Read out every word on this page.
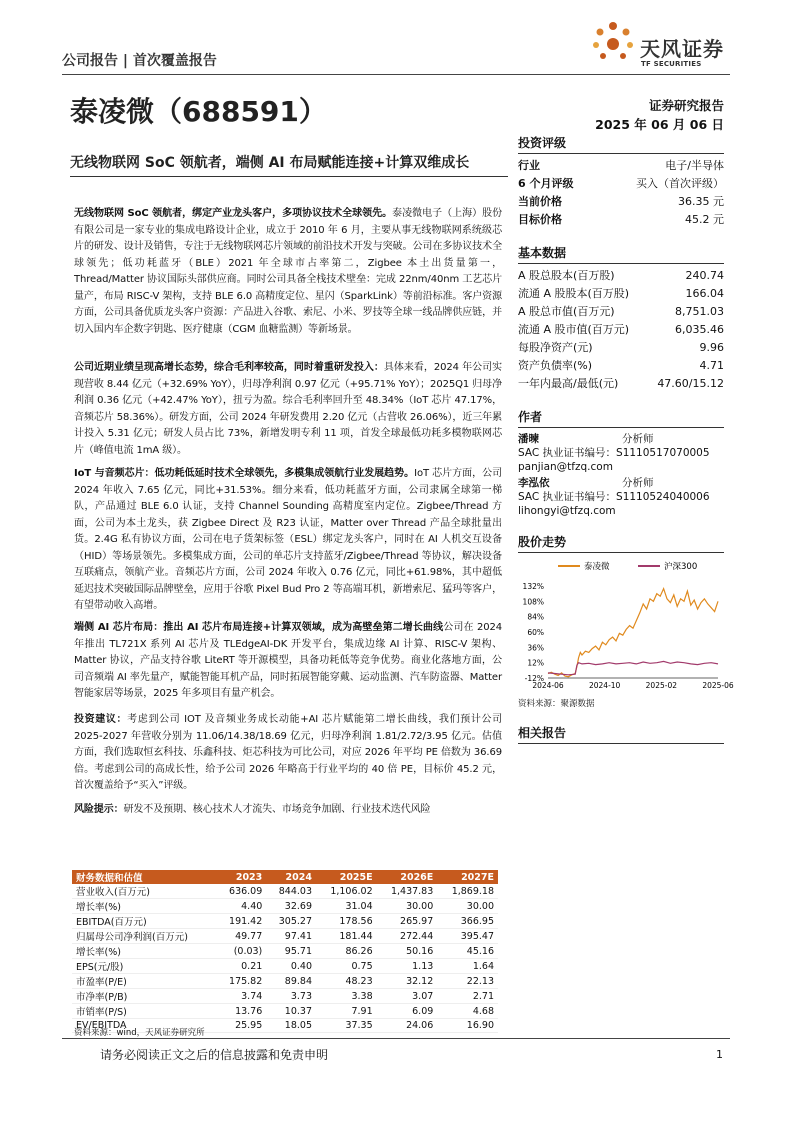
公司报告 | 首次覆盖报告	天风证券
TF SECURITIES
泰凌微（688591）	证券研究报告
2025 年 06 月 06 日
无线物联网 SoC 领航者，端侧 AI 布局赋能连接+计算双维成长
无线物联网 SoC 领航者，绑定产业龙头客户，多项协议技术全球领先。泰凌微电子（上海）股份有限公司是一家专业的集成电路设计企业，成立于 2010 年 6 月，主要从事无线物联网系统级芯片的研发、设计及销售，专注于无线物联网芯片领域的前沿技术开发与突破。公司在多协议技术全球领先；低功耗蓝牙（BLE）2021 年全球市占率第二，Zigbee 本土出货量第一，Thread/Matter 协议国际头部供应商。同时公司具备全栈技术壁垒：完成 22nm/40nm 工艺芯片量产，布局 RISC-V 架构，支持 BLE 6.0 高精度定位、星闪（SparkLink）等前沿标准。客户资源方面，公司具备优质龙头客户资源：产品进入谷歌、索尼、小米、罗技等全球一线品牌供应链，并切入国内车企数字钥匙、医疗健康（CGM 血糖监测）等新场景。
公司近期业绩呈现高增长态势，综合毛利率较高，同时着重研发投入：具体来看，2024 年公司实现营收 8.44 亿元（+32.69% YoY），归母净利润 0.97 亿元（+95.71% YoY）；2025Q1 归母净利润 0.36 亿元（+42.47% YoY），扭亏为盈。综合毛利率回升至 48.34%（IoT 芯片 47.17%，音频芯片 58.36%）。研发方面，公司 2024 年研发费用 2.20 亿元（占营收 26.06%），近三年累计投入 5.31 亿元；研发人员占比 73%，新增发明专利 11 项，首发全球最低功耗多模物联网芯片（峰值电流 1mA 级）。
IoT 与音频芯片：低功耗低延时技术全球领先，多模集成领航行业发展趋势。IoT 芯片方面，公司 2024 年收入 7.65 亿元，同比+31.53%。细分来看，低功耗蓝牙方面，公司隶属全球第一梯队，产品通过 BLE 6.0 认证，支持 Channel Sounding 高精度室内定位。Zigbee/Thread 方面，公司为本土龙头，获 Zigbee Direct 及 R23 认证，Matter over Thread 产品全球批量出货。2.4G 私有协议方面，公司在电子货架标签（ESL）绑定龙头客户，同时在 AI 人机交互设备（HID）等场景领先。多模集成方面，公司的单芯片支持蓝牙/Zigbee/Thread 等协议，解决设备互联痛点，领航产业。音频芯片方面，公司 2024 年收入 0.76 亿元，同比+61.98%，其中超低延迟技术突破国际品牌壁垒，应用于谷歌 Pixel Bud Pro 2 等高端耳机，新增索尼、猛玛等客户，有望带动收入高增。
端侧 AI 芯片布局：推出 AI 芯片布局连接+计算双领域，成为高壁垒第二增长曲线公司在 2024 年推出 TL721X 系列 AI 芯片及 TLEdgeAI-DK 开发平台，集成边缘 AI 计算、RISC-V 架构、Matter 协议，产品支持谷歌 LiteRT 等开源模型，具备功耗低等竞争优势。商业化落地方面，公司音频端 AI 率先量产，赋能智能耳机产品，同时拓展智能穿戴、运动监测、汽车防盗器、Matter 智能家居等场景，2025 年多项目有量产机会。
投资建议：考虑到公司 IOT 及音频业务成长动能+AI 芯片赋能第二增长曲线，我们预计公司 2025-2027 年营收分别为 11.06/14.38/18.69 亿元，归母净利润 1.81/2.72/3.95 亿元。估值方面，我们选取恒玄科技、乐鑫科技、炬芯科技为可比公司，对应 2026 年平均 PE 倍数为 36.69 倍。考虑到公司的高成长性，给予公司 2026 年略高于行业平均的 40 倍 PE，目标价 45.2 元，首次覆盖给予“买入”评级。
风险提示：研发不及预期、核心技术人才流失、市场竞争加剧、行业技术迭代风险
投资评级
行业	电子/半导体
6 个月评级	买入（首次评级）
当前价格	36.35 元
目标价格	45.2 元
基本数据
A 股总股本(百万股)	240.74
流通 A 股股本(百万股)	166.04
A 股总市值(百万元)	8,751.03
流通 A 股市值(百万元)	6,035.46
每股净资产(元)	9.96
资产负债率(%)	4.71
一年内最高/最低(元)	47.60/15.12
作者
潘暕	分析师
SAC 执业证书编号：S1110517070005
panjian@tfzq.com
李泓依	分析师
SAC 执业证书编号：S1110524040006
lihongyi@tfzq.com
股价走势
泰凌微	沪深300
132%
108%
84%
60%
36%
12%
-12%
2024-06	2024-10	2025-02	2025-06
资料来源：聚源数据
相关报告
财务数据和估值	2023	2024	2025E	2026E	2027E
营业收入(百万元)	636.09	844.03	1,106.02	1,437.83	1,869.18
增长率(%)	4.40	32.69	31.04	30.00	30.00
EBITDA(百万元)	191.42	305.27	178.56	265.97	366.95
归属母公司净利润(百万元)	49.77	97.41	181.44	272.44	395.47
增长率(%)	(0.03)	95.71	86.26	50.16	45.16
EPS(元/股)	0.21	0.40	0.75	1.13	1.64
市盈率(P/E)	175.82	89.84	48.23	32.12	22.13
市净率(P/B)	3.74	3.73	3.38	3.07	2.71
市销率(P/S)	13.76	10.37	7.91	6.09	4.68
EV/EBITDA	25.95	18.05	37.35	24.06	16.90
资料来源：wind，天风证券研究所
请务必阅读正文之后的信息披露和免责申明	1
